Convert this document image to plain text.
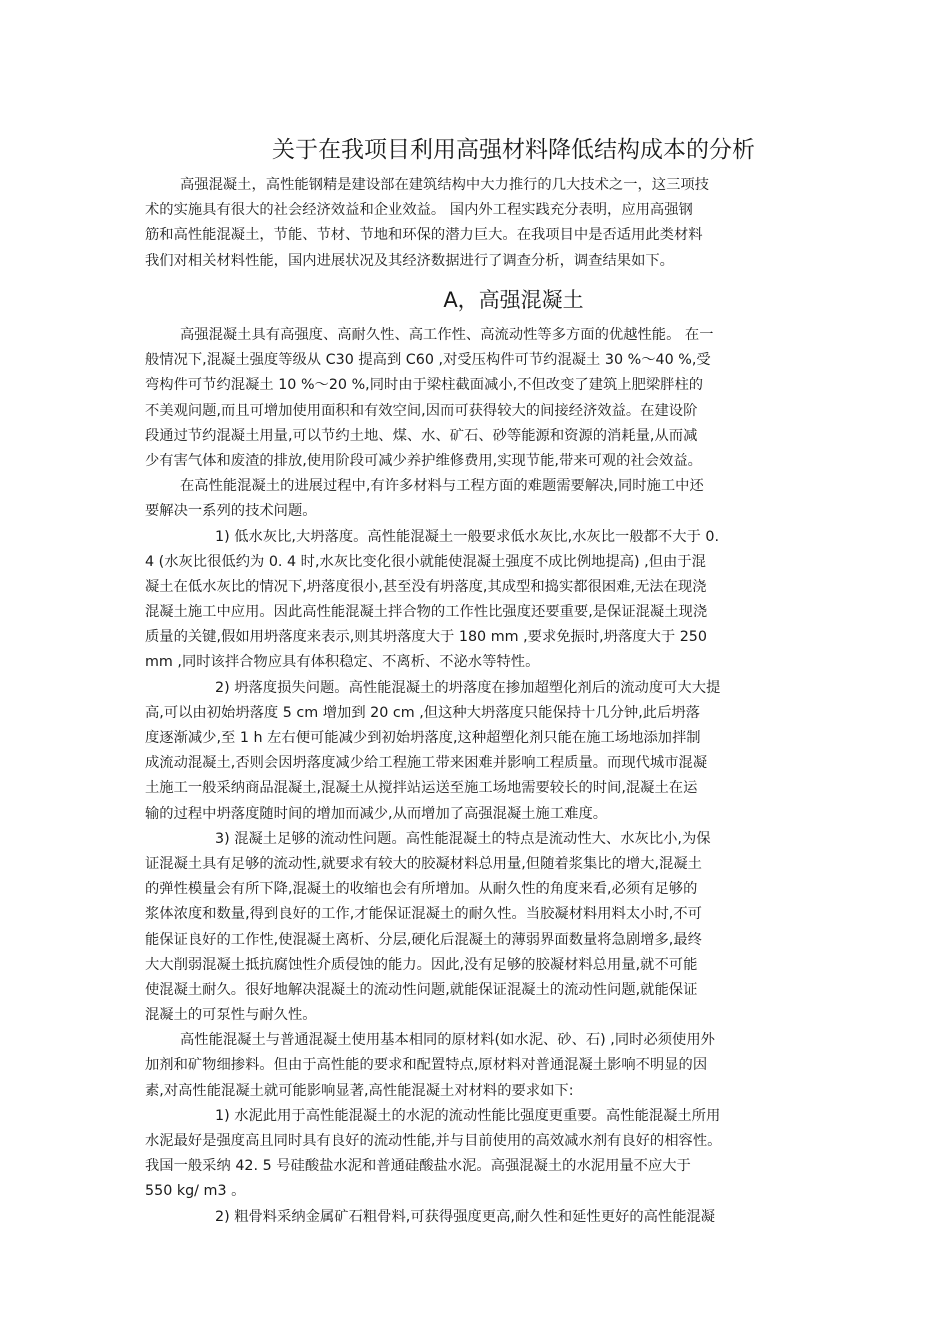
关于在我项目利用高强材料降低结构成本的分析
高强混凝土，高性能钢精是建设部在建筑结构中大力推行的几大技术之一，这三项技
术的实施具有很大的社会经济效益和企业效益。 国内外工程实践充分表明，应用高强钢
筋和高性能混凝土，节能、节材、节地和环保的潜力巨大。在我项目中是否适用此类材料
我们对相关材料性能，国内进展状况及其经济数据进行了调查分析，调查结果如下。
A，高强混凝土
高强混凝土具有高强度、高耐久性、高工作性、高流动性等多方面的优越性能。 在一
般情况下,混凝土强度等级从 C30 提高到 C60 ,对受压构件可节约混凝土 30 %～40 %,受
弯构件可节约混凝土 10 %～20 %,同时由于梁柱截面减小,不但改变了建筑上肥梁胖柱的
不美观问题,而且可增加使用面积和有效空间,因而可获得较大的间接经济效益。在建设阶
段通过节约混凝土用量,可以节约土地、煤、水、矿石、砂等能源和资源的消耗量,从而减
少有害气体和废渣的排放,使用阶段可减少养护维修费用,实现节能,带来可观的社会效益。
在高性能混凝土的进展过程中,有许多材料与工程方面的难题需要解决,同时施工中还
要解决一系列的技术问题。
1) 低水灰比,大坍落度。高性能混凝土一般要求低水灰比,水灰比一般都不大于 0.
4 (水灰比很低约为 0. 4 时,水灰比变化很小就能使混凝土强度不成比例地提高) ,但由于混
凝土在低水灰比的情况下,坍落度很小,甚至没有坍落度,其成型和捣实都很困难,无法在现浇
混凝土施工中应用。因此高性能混凝土拌合物的工作性比强度还要重要,是保证混凝土现浇
质量的关键,假如用坍落度来表示,则其坍落度大于 180 mm ,要求免振时,坍落度大于 250
mm ,同时该拌合物应具有体积稳定、不离析、不泌水等特性。
2) 坍落度损失问题。高性能混凝土的坍落度在掺加超塑化剂后的流动度可大大提
高,可以由初始坍落度 5 cm 增加到 20 cm ,但这种大坍落度只能保持十几分钟,此后坍落
度逐渐减少,至 1 h 左右便可能减少到初始坍落度,这种超塑化剂只能在施工场地添加拌制
成流动混凝土,否则会因坍落度减少给工程施工带来困难并影响工程质量。而现代城市混凝
土施工一般采纳商品混凝土,混凝土从搅拌站运送至施工场地需要较长的时间,混凝土在运
输的过程中坍落度随时间的增加而减少,从而增加了高强混凝土施工难度。
3) 混凝土足够的流动性问题。高性能混凝土的特点是流动性大、水灰比小,为保
证混凝土具有足够的流动性,就要求有较大的胶凝材料总用量,但随着浆集比的增大,混凝土
的弹性模量会有所下降,混凝土的收缩也会有所增加。从耐久性的角度来看,必须有足够的
浆体浓度和数量,得到良好的工作,才能保证混凝土的耐久性。当胶凝材料用料太小时,不可
能保证良好的工作性,使混凝土离析、分层,硬化后混凝土的薄弱界面数量将急剧增多,最终
大大削弱混凝土抵抗腐蚀性介质侵蚀的能力。因此,没有足够的胶凝材料总用量,就不可能
使混凝土耐久。很好地解决混凝土的流动性问题,就能保证混凝土的流动性问题,就能保证
混凝土的可泵性与耐久性。
高性能混凝土与普通混凝土使用基本相同的原材料(如水泥、砂、石) ,同时必须使用外
加剂和矿物细掺料。但由于高性能的要求和配置特点,原材料对普通混凝土影响不明显的因
素,对高性能混凝土就可能影响显著,高性能混凝土对材料的要求如下:
1) 水泥此用于高性能混凝土的水泥的流动性能比强度更重要。高性能混凝土所用
水泥最好是强度高且同时具有良好的流动性能,并与目前使用的高效减水剂有良好的相容性。
我国一般采纳 42. 5 号硅酸盐水泥和普通硅酸盐水泥。高强混凝土的水泥用量不应大于
550 kg/ m3 。
2) 粗骨料采纳金属矿石粗骨料,可获得强度更高,耐久性和延性更好的高性能混凝
